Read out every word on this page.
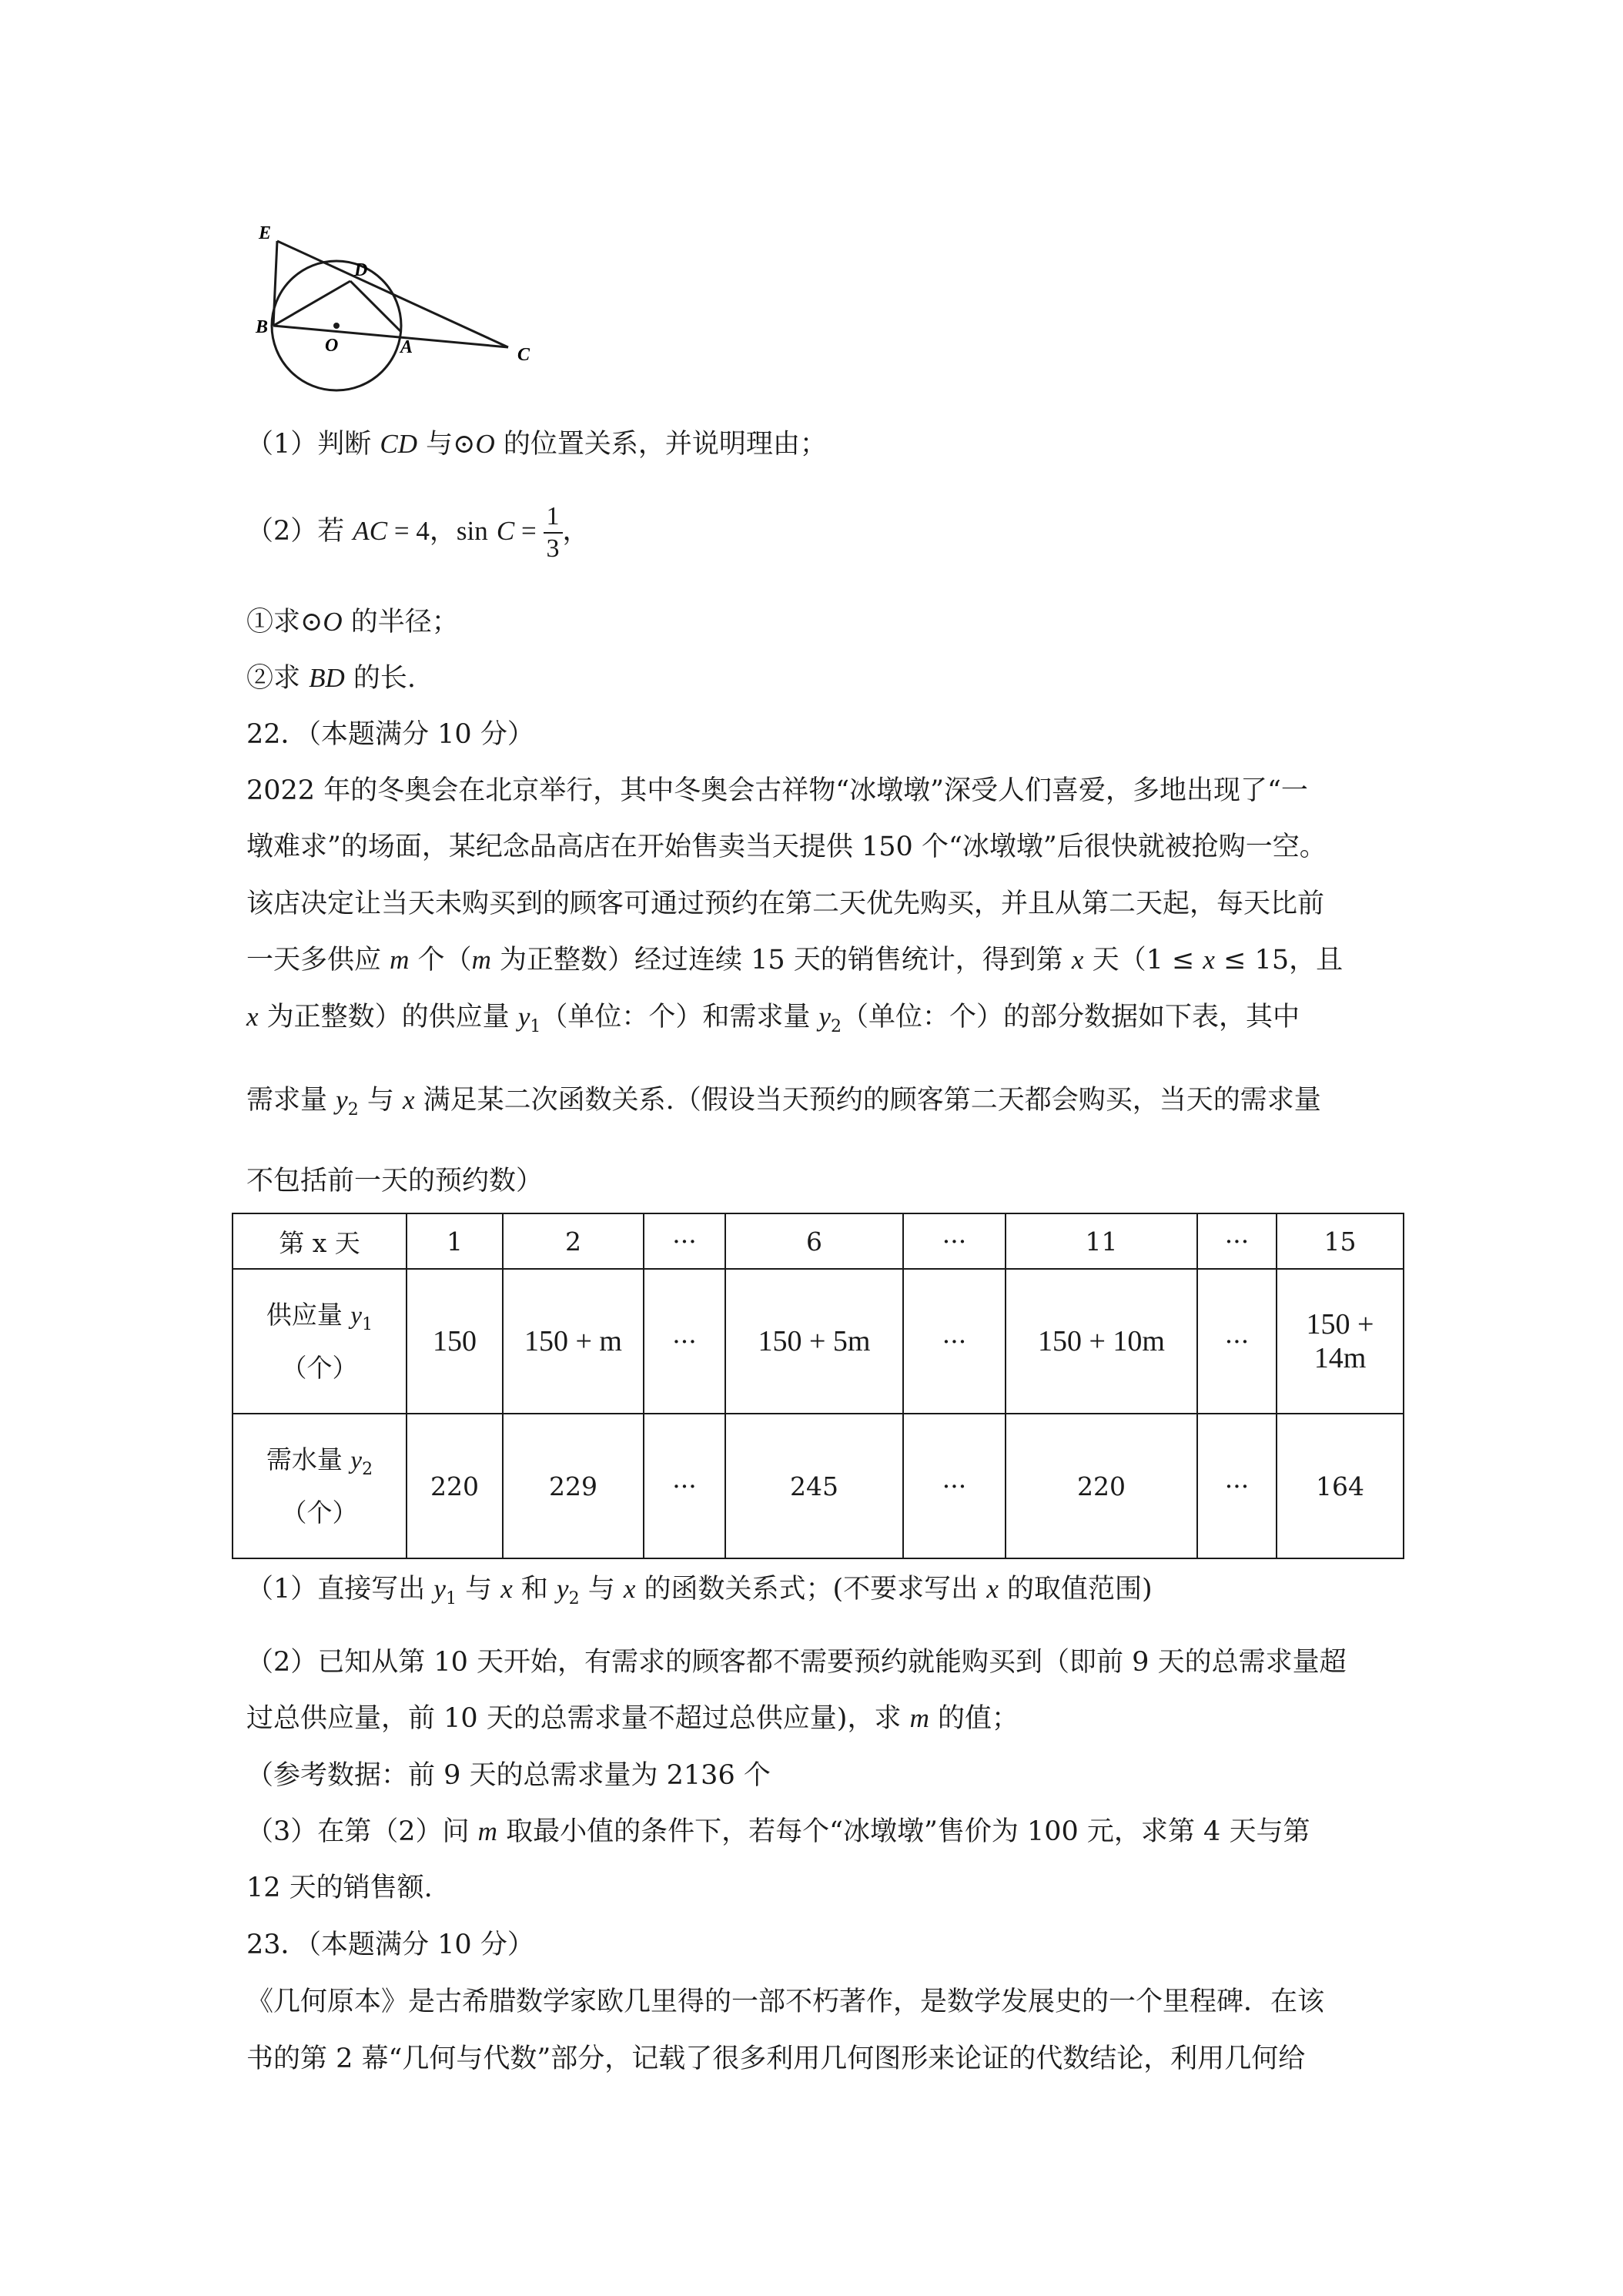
E
D
B
O	A	C
（1）判断 CD 与⊙O 的位置关系，并说明理由；
（2）若 AC = 4，$\sin C = \frac{1}{3}$ ，
①求⊙O 的半径；
②求 BD 的长.
22．（本题满分 10 分）
2022 年的冬奥会在北京举行，其中冬奥会古祥物“冰墩墩”深受人们喜爱，多地出现了“一
墩难求”的场面，某纪念品高店在开始售卖当天提供 150 个“冰墩墩”后很快就被抢购一空。
该店决定让当天未购买到的顾客可通过预约在第二天优先购买，并且从第二天起，每天比前
一天多供应 m 个（m 为正整数）经过连续 15 天的销售统计，得到第 x 天（1 ≤ x ≤ 15，且
x 为正整数）的供应量 $y_1$（单位：个）和需求量 $y_2$（单位：个）的部分数据如下表，其中
需求量 $y_2$ 与 x 满足某二次函数关系.（假设当天预约的顾客第二天都会购买，当天的需求量
不包括前一天的预约数）
第 x 天	1	2	···	6	···	11	···	15

供应量 $y_1$
（个）	150	150 + m	···	150 + 5m	···	150 + 10m	···	150 + 14m

需水量 $y_2$
（个）	220	229	···	245	···	220	···	164
（1）直接写出 $y_1$ 与 x 和 $y_2$ 与 x 的函数关系式；(不要求写出 x 的取值范围)
（2）已知从第 10 天开始，有需求的顾客都不需要预约就能购买到（即前 9 天的总需求量超
过总供应量，前 10 天的总需求量不超过总供应量)，求 m 的值；
（参考数据：前 9 天的总需求量为 2136 个
（3）在第（2）问 m 取最小值的条件下，若每个“冰墩墩”售价为 100 元，求第 4 天与第
12 天的销售额.
23．（本题满分 10 分）
《几何原本》是古希腊数学家欧几里得的一部不朽著作，是数学发展史的一个里程碑．在该
书的第 2 幕“几何与代数”部分，记载了很多利用几何图形来论证的代数结论，利用几何给
